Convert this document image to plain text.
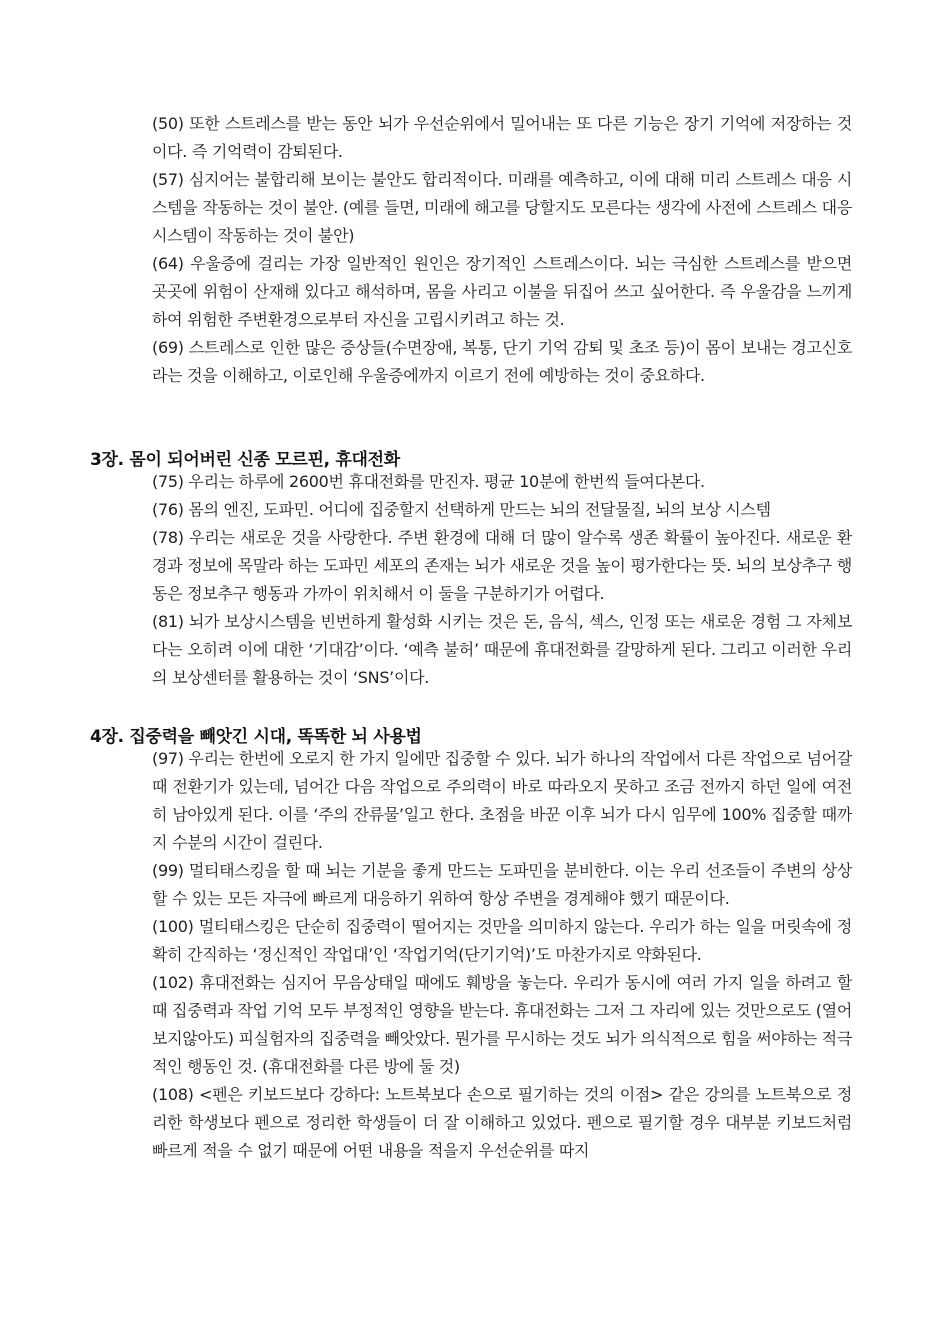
(50) 또한 스트레스를 받는 동안 뇌가 우선순위에서 밀어내는 또 다른 기능은 장기 기억에 저장하는 것이다. 즉 기억력이 감퇴된다.

(57) 심지어는 불합리해 보이는 불안도 합리적이다. 미래를 예측하고, 이에 대해 미리 스트레스 대응 시스템을 작동하는 것이 불안. (예를 들면, 미래에 해고를 당할지도 모른다는 생각에 사전에 스트레스 대응시스템이 작동하는 것이 불안)

(64) 우울증에 걸리는 가장 일반적인 원인은 장기적인 스트레스이다. 뇌는 극심한 스트레스를 받으면 곳곳에 위험이 산재해 있다고 해석하며, 몸을 사리고 이불을 뒤집어 쓰고 싶어한다. 즉 우울감을 느끼게 하여 위험한 주변환경으로부터 자신을 고립시키려고 하는 것.

(69) 스트레스로 인한 많은 증상들(수면장애, 복통, 단기 기억 감퇴 및 초조 등)이 몸이 보내는 경고신호라는 것을 이해하고, 이로인해 우울증에까지 이르기 전에 예방하는 것이 중요하다.

3장. 몸이 되어버린 신종 모르핀, 휴대전화

(75) 우리는 하루에 2600번 휴대전화를 만진자. 평균 10분에 한번씩 들여다본다.

(76) 몸의 엔진, 도파민. 어디에 집중할지 선택하게 만드는 뇌의 전달물질, 뇌의 보상 시스템

(78) 우리는 새로운 것을 사랑한다. 주변 환경에 대해 더 많이 알수록 생존 확률이 높아진다. 새로운 환경과 정보에 목말라 하는 도파민 세포의 존재는 뇌가 새로운 것을 높이 평가한다는 뜻. 뇌의 보상추구 행동은 정보추구 행동과 가까이 위치해서 이 둘을 구분하기가 어렵다.

(81) 뇌가 보상시스템을 빈번하게 활성화 시키는 것은 돈, 음식, 섹스, 인정 또는 새로운 경험 그 자체보다는 오히려 이에 대한 ‘기대감’이다. ‘예측 불허’ 때문에 휴대전화를 갈망하게 된다. 그리고 이러한 우리의 보상센터를 활용하는 것이 ‘SNS’이다.

4장. 집중력을 빼앗긴 시대, 똑똑한 뇌 사용법

(97) 우리는 한번에 오로지 한 가지 일에만 집중할 수 있다. 뇌가 하나의 작업에서 다른 작업으로 넘어갈 때 전환기가 있는데, 넘어간 다음 작업으로 주의력이 바로 따라오지 못하고 조금 전까지 하던 일에 여전히 남아있게 된다. 이를 ‘주의 잔류물’일고 한다. 초점을 바꾼 이후 뇌가 다시 임무에 100% 집중할 때까지 수분의 시간이 걸린다.

(99) 멀티태스킹을 할 때 뇌는 기분을 좋게 만드는 도파민을 분비한다. 이는 우리 선조들이 주변의 상상할 수 있는 모든 자극에 빠르게 대응하기 위하여 항상 주변을 경계해야 했기 때문이다.

(100) 멀티태스킹은 단순히 집중력이 떨어지는 것만을 의미하지 않는다. 우리가 하는 일을 머릿속에 정확히 간직하는 ‘정신적인 작업대’인 ‘작업기억(단기기억)’도 마찬가지로 약화된다.

(102) 휴대전화는 심지어 무음상태일 때에도 훼방을 놓는다. 우리가 동시에 여러 가지 일을 하려고 할 때 집중력과 작업 기억 모두 부정적인 영향을 받는다. 휴대전화는 그저 그 자리에 있는 것만으로도 (열어보지않아도) 피실험자의 집중력을 빼앗았다. 뭔가를 무시하는 것도 뇌가 의식적으로 힘을 써야하는 적극적인 행동인 것. (휴대전화를 다른 방에 둘 것)

(108) <펜은 키보드보다 강하다: 노트북보다 손으로 필기하는 것의 이점> 같은 강의를 노트북으로 정리한 학생보다 펜으로 정리한 학생들이 더 잘 이해하고 있었다. 펜으로 필기할 경우 대부분 키보드처럼 빠르게 적을 수 없기 때문에 어떤 내용을 적을지 우선순위를 따지
